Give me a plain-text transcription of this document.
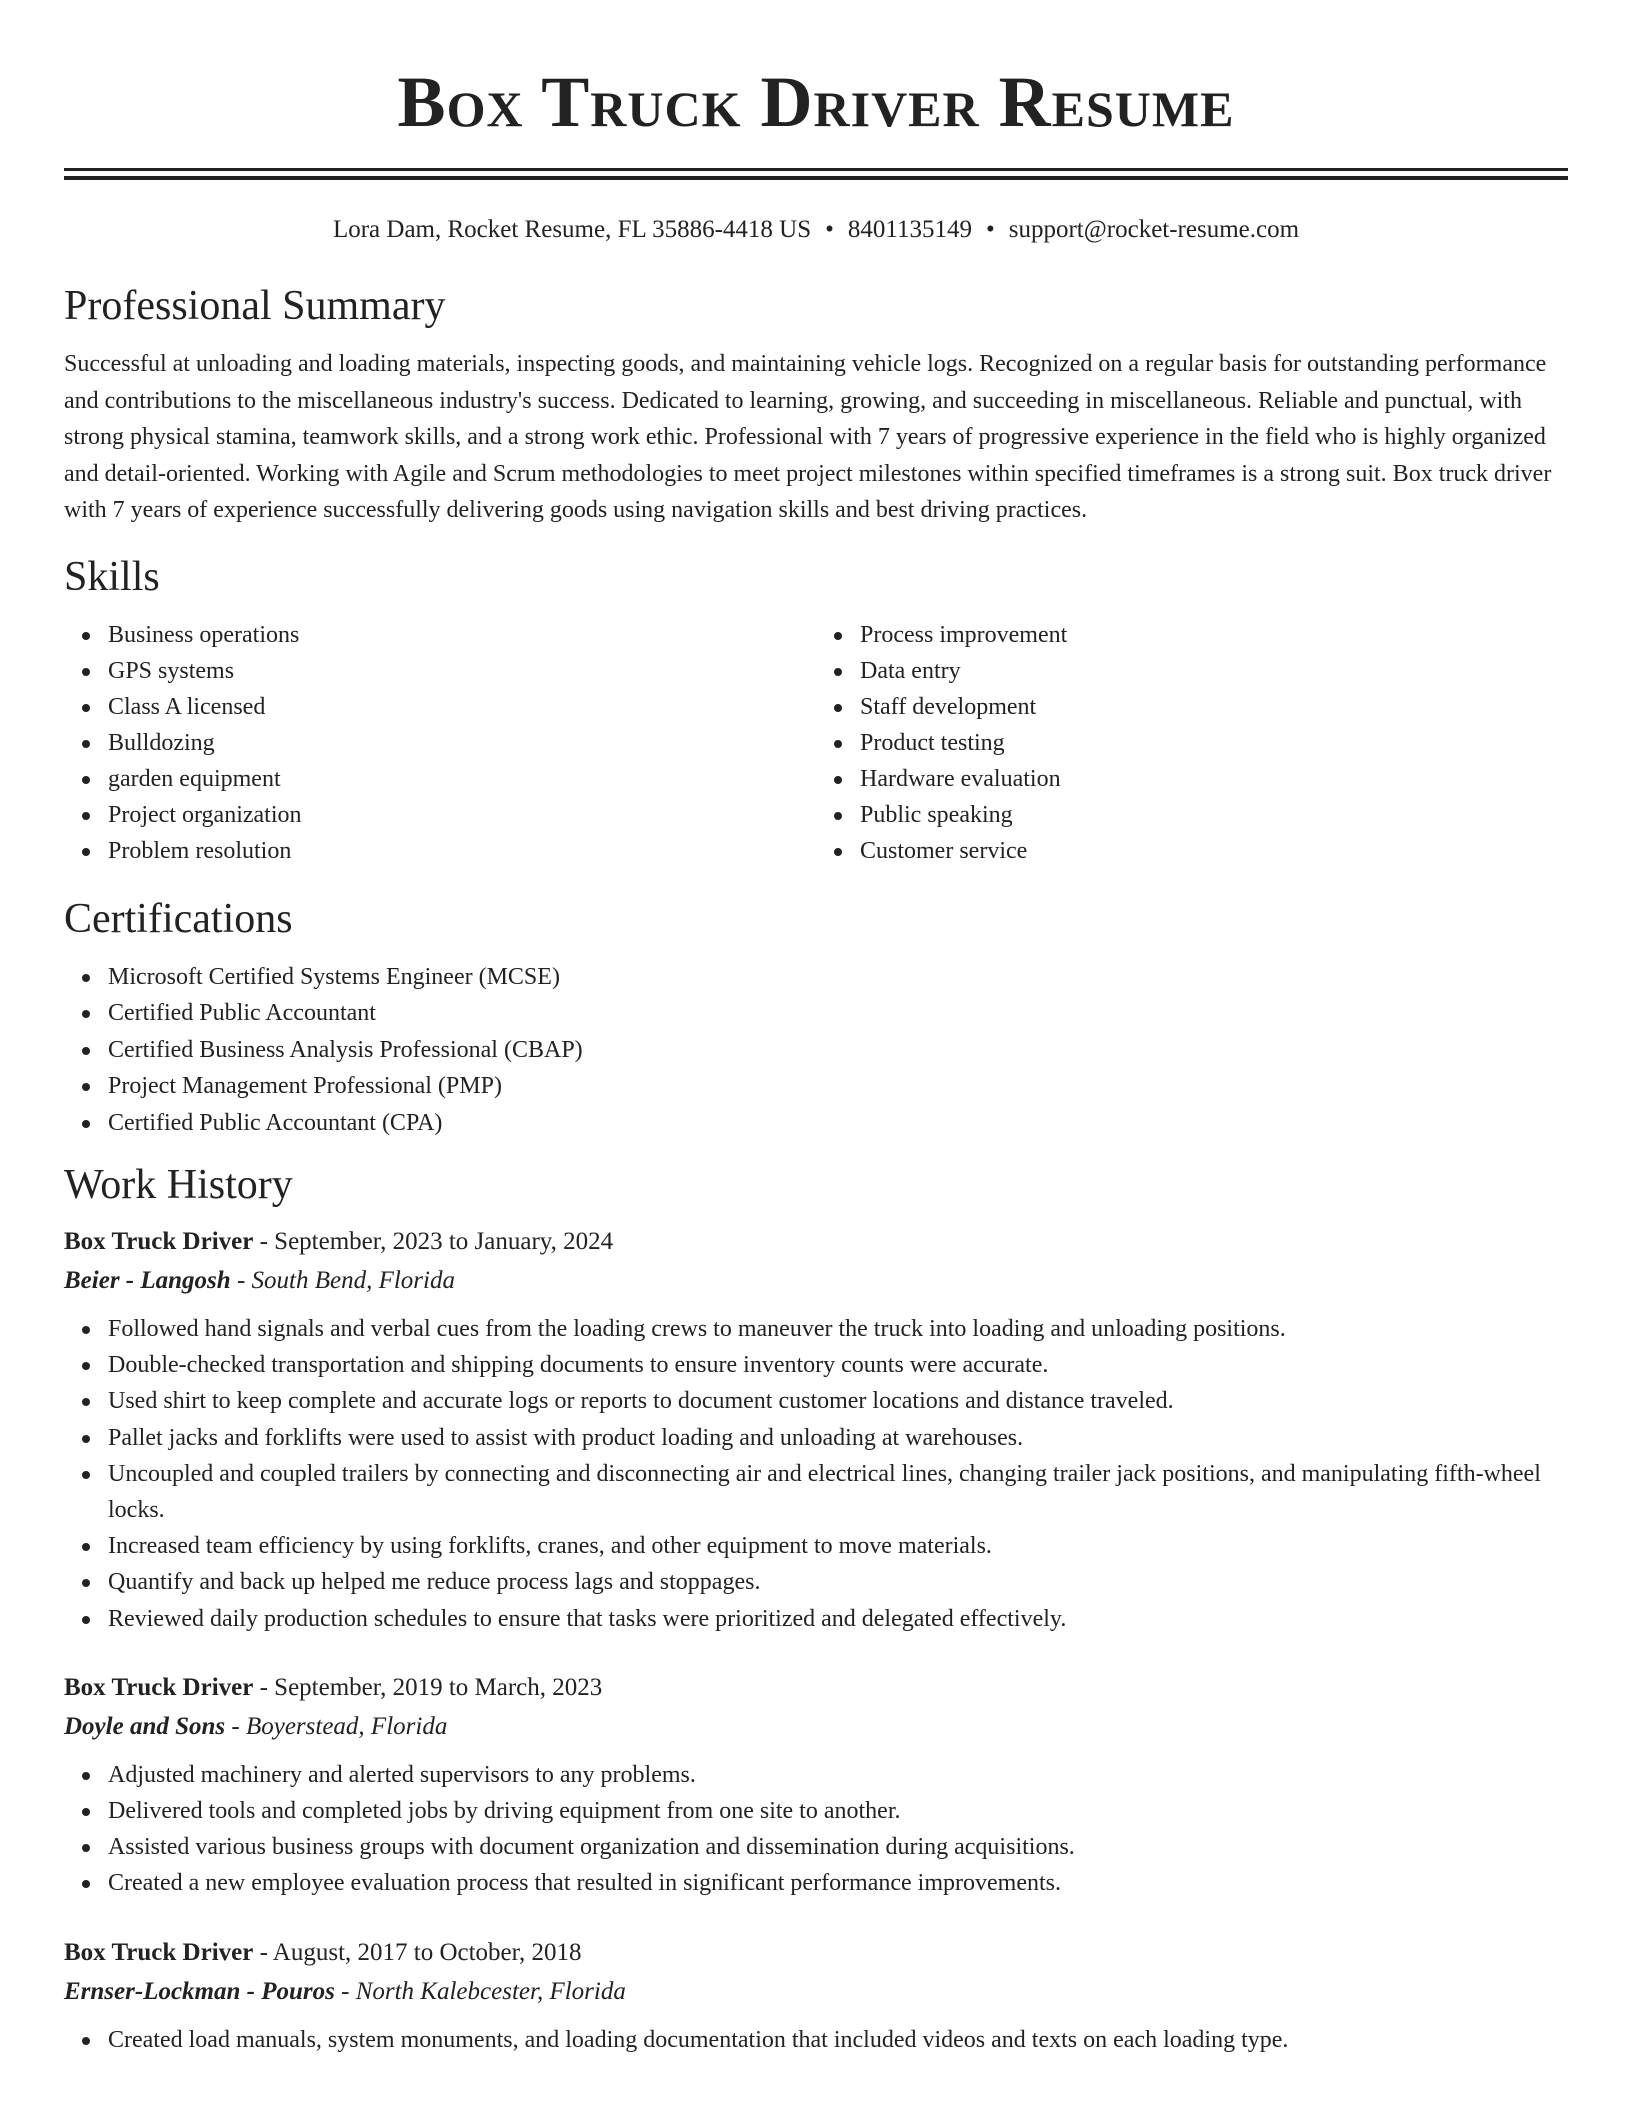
Box Truck Driver Resume
Lora Dam, Rocket Resume, FL 35886-4418 US • 8401135149 • support@rocket-resume.com
Professional Summary
Successful at unloading and loading materials, inspecting goods, and maintaining vehicle logs. Recognized on a regular basis for outstanding performance and contributions to the miscellaneous industry's success. Dedicated to learning, growing, and succeeding in miscellaneous. Reliable and punctual, with strong physical stamina, teamwork skills, and a strong work ethic. Professional with 7 years of progressive experience in the field who is highly organized and detail-oriented. Working with Agile and Scrum methodologies to meet project milestones within specified timeframes is a strong suit. Box truck driver with 7 years of experience successfully delivering goods using navigation skills and best driving practices.
Skills
Business operations
GPS systems
Class A licensed
Bulldozing
garden equipment
Project organization
Problem resolution
Process improvement
Data entry
Staff development
Product testing
Hardware evaluation
Public speaking
Customer service
Certifications
Microsoft Certified Systems Engineer (MCSE)
Certified Public Accountant
Certified Business Analysis Professional (CBAP)
Project Management Professional (PMP)
Certified Public Accountant (CPA)
Work History
Box Truck Driver - September, 2023 to January, 2024
Beier - Langosh - South Bend, Florida
Followed hand signals and verbal cues from the loading crews to maneuver the truck into loading and unloading positions.
Double-checked transportation and shipping documents to ensure inventory counts were accurate.
Used shirt to keep complete and accurate logs or reports to document customer locations and distance traveled.
Pallet jacks and forklifts were used to assist with product loading and unloading at warehouses.
Uncoupled and coupled trailers by connecting and disconnecting air and electrical lines, changing trailer jack positions, and manipulating fifth-wheel locks.
Increased team efficiency by using forklifts, cranes, and other equipment to move materials.
Quantify and back up helped me reduce process lags and stoppages.
Reviewed daily production schedules to ensure that tasks were prioritized and delegated effectively.
Box Truck Driver - September, 2019 to March, 2023
Doyle and Sons - Boyerstead, Florida
Adjusted machinery and alerted supervisors to any problems.
Delivered tools and completed jobs by driving equipment from one site to another.
Assisted various business groups with document organization and dissemination during acquisitions.
Created a new employee evaluation process that resulted in significant performance improvements.
Box Truck Driver - August, 2017 to October, 2018
Ernser-Lockman - Pouros - North Kalebcester, Florida
Created load manuals, system monuments, and loading documentation that included videos and texts on each loading type.
